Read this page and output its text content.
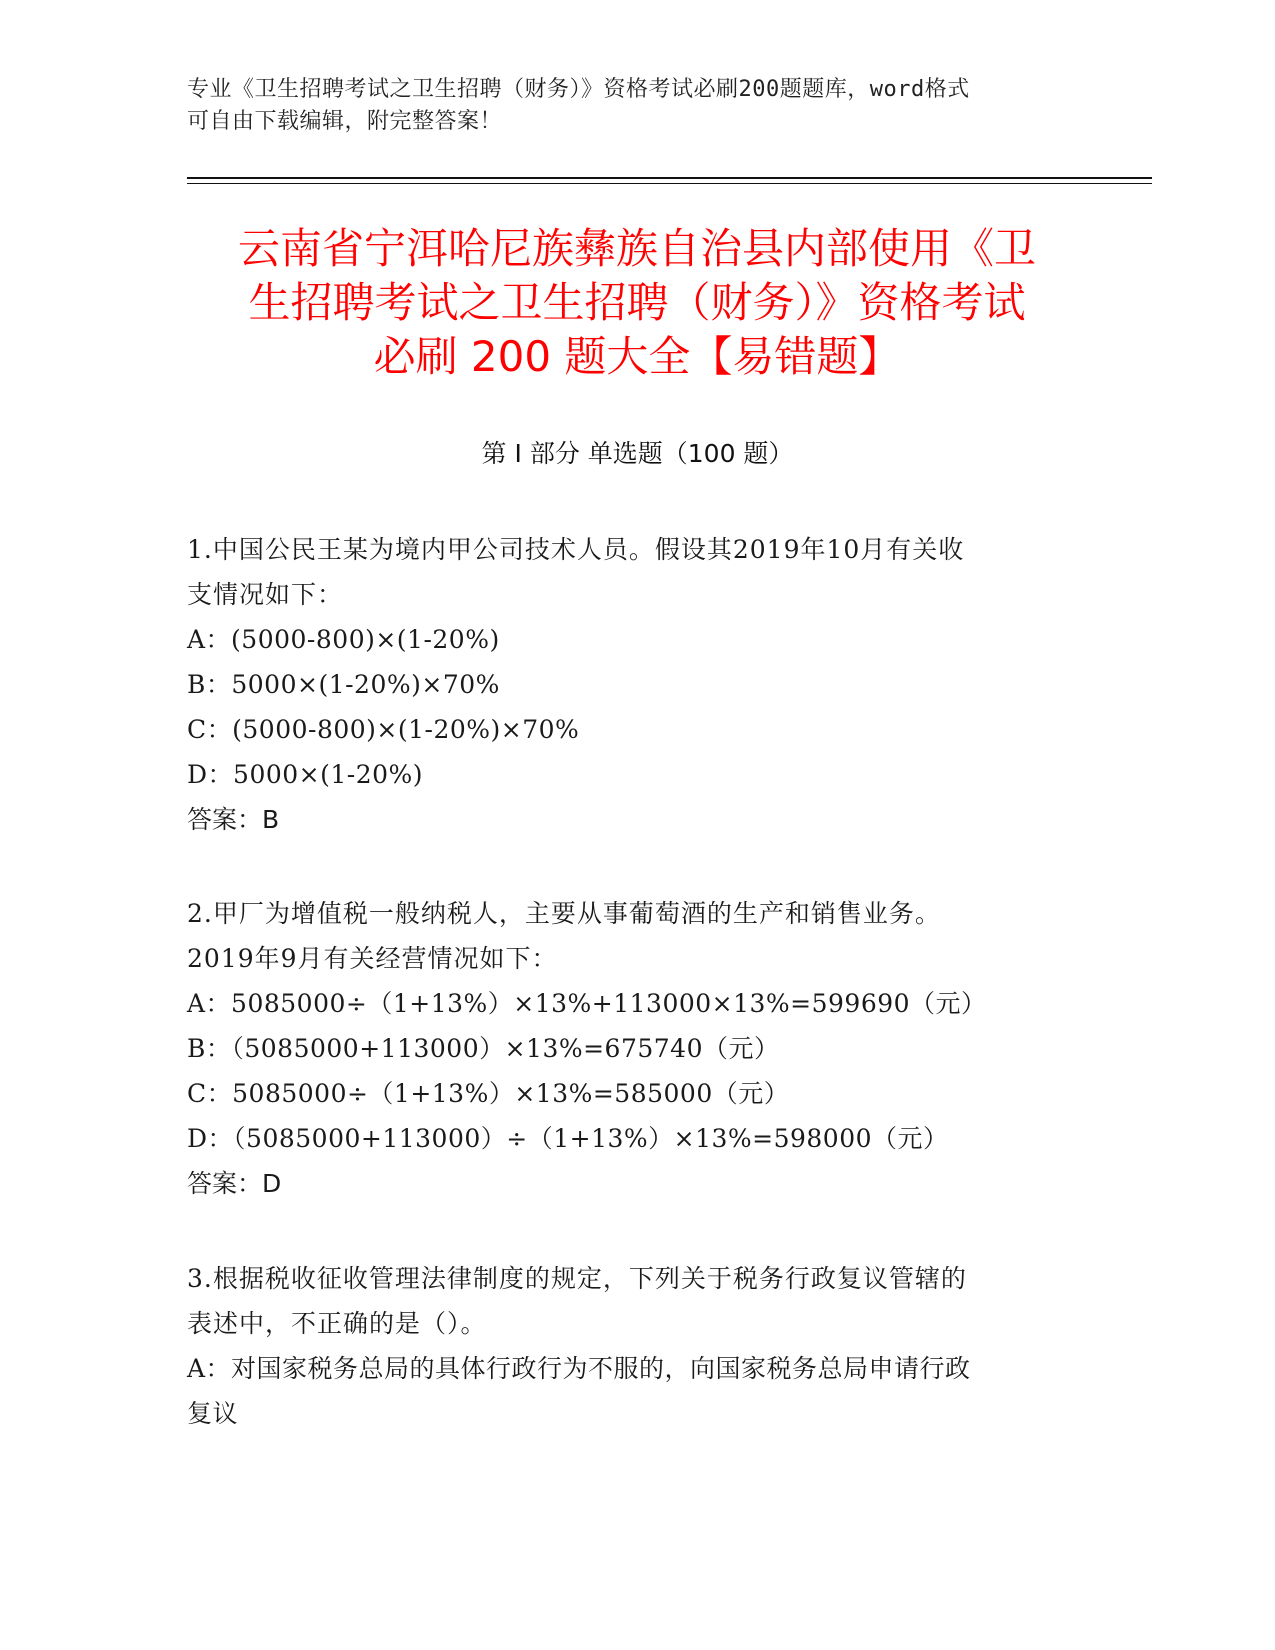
专业《卫生招聘考试之卫生招聘（财务）》资格考试必刷200题题库，word格式
可自由下载编辑，附完整答案！
云南省宁洱哈尼族彝族自治县内部使用《卫
生招聘考试之卫生招聘（财务）》资格考试
必刷 200 题大全【易错题】
第 I 部分 单选题（100 题）

1.中国公民王某为境内甲公司技术人员。假设其2019年10月有关收

支情况如下：

A：(5000-800)×(1-20%)

B：5000×(1-20%)×70%

C：(5000-800)×(1-20%)×70%

D：5000×(1-20%)

答案：B

2.甲厂为增值税一般纳税人，主要从事葡萄酒的生产和销售业务。

2019年9月有关经营情况如下：

A：5085000÷（1+13%）×13%+113000×13%=599690（元）

B：（5085000+113000）×13%=675740（元）

C：5085000÷（1+13%）×13%=585000（元）

D：（5085000+113000）÷（1+13%）×13%=598000（元）

答案：D

3.根据税收征收管理法律制度的规定，下列关于税务行政复议管辖的

表述中，不正确的是（）。

A：对国家税务总局的具体行政行为不服的，向国家税务总局申请行政

复议
